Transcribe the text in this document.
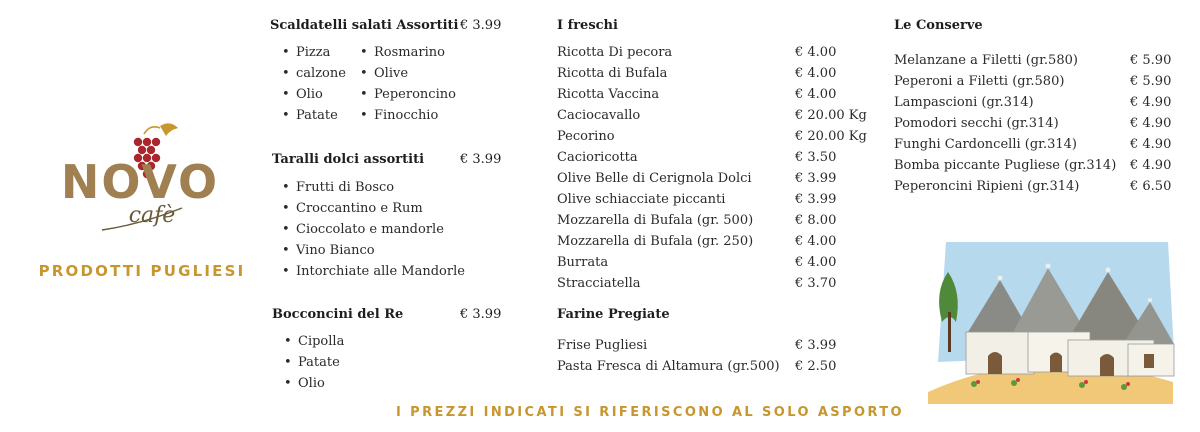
NOVO
cafè
PRODOTTI PUGLIESI
Scaldatelli salati Assortiti € 3.99
• Pizza
• calzone
• Olio
• Patate
• Rosmarino
• Olive
• Peperoncino
• Finocchio
Taralli dolci assortiti	€ 3.99
• Frutti di Bosco
• Croccantino e Rum
• Cioccolato e mandorle
• Vino Bianco
• Intorchiate alle Mandorle
Bocconcini del Re	€ 3.99
• Cipolla
• Patate
• Olio
I freschi
Ricotta Di pecora	€ 4.00
Ricotta di Bufala	€ 4.00
Ricotta Vaccina	€ 4.00
Caciocavallo	€ 20.00 Kg
Pecorino	€ 20.00 Kg
Cacioricotta	€ 3.50
Olive Belle di Cerignola Dolci	€ 3.99
Olive schiacciate piccanti	€ 3.99
Mozzarella di Bufala (gr. 500)	€ 8.00
Mozzarella di Bufala (gr. 250)	€ 4.00
Burrata	€ 4.00
Stracciatella	€ 3.70
Farine Pregiate
Frise Pugliesi	€ 3.99
Pasta Fresca di Altamura (gr.500) € 2.50
Le Conserve
Melanzane a Filetti (gr.580)	€ 5.90
Peperoni a Filetti (gr.580)	€ 5.90
Lampascioni (gr.314)	€ 4.90
Pomodori secchi (gr.314)	€ 4.90
Funghi Cardoncelli (gr.314)	€ 4.90
Bomba piccante Pugliese (gr.314) € 4.90
Peperoncini Ripieni (gr.314)	€ 6.50
I PREZZI INDICATI SI RIFERISCONO AL SOLO ASPORTO
